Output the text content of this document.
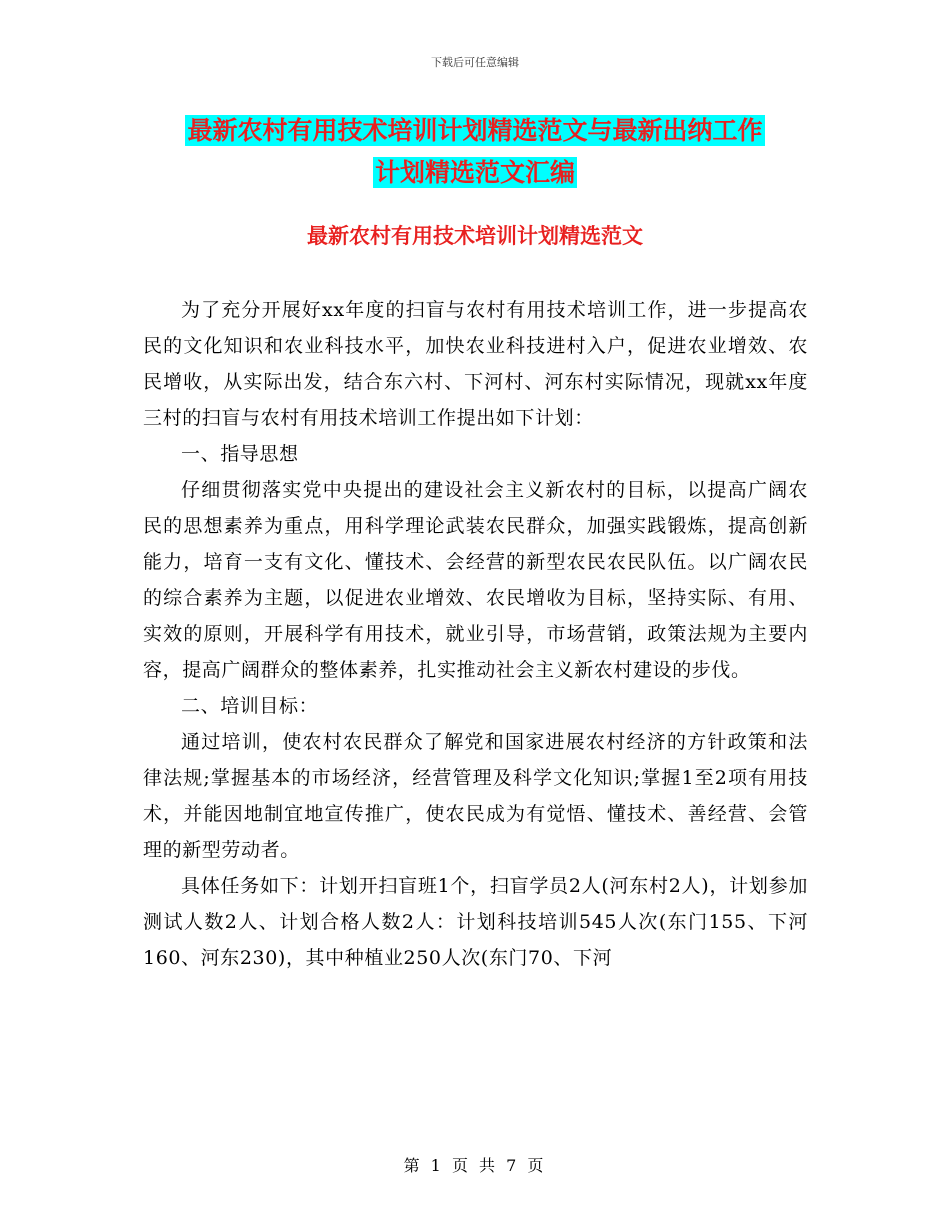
下载后可任意编辑
最新农村有用技术培训计划精选范文与最新出纳工作
计划精选范文汇编
最新农村有用技术培训计划精选范文

为了充分开展好xx年度的扫盲与农村有用技术培训工作，进一步提高农民的文化知识和农业科技水平，加快农业科技进村入户，促进农业增效、农民增收，从实际出发，结合东六村、下河村、河东村实际情况，现就xx年度三村的扫盲与农村有用技术培训工作提出如下计划：

一、指导思想

仔细贯彻落实党中央提出的建设社会主义新农村的目标，以提高广阔农民的思想素养为重点，用科学理论武装农民群众，加强实践锻炼，提高创新能力，培育一支有文化、懂技术、会经营的新型农民农民队伍。以广阔农民的综合素养为主题，以促进农业增效、农民增收为目标，坚持实际、有用、实效的原则，开展科学有用技术，就业引导，市场营销，政策法规为主要内容，提高广阔群众的整体素养，扎实推动社会主义新农村建设的步伐。

二、培训目标：

通过培训，使农村农民群众了解党和国家进展农村经济的方针政策和法律法规;掌握基本的市场经济，经营管理及科学文化知识;掌握1至2项有用技术，并能因地制宜地宣传推广，使农民成为有觉悟、懂技术、善经营、会管理的新型劳动者。

具体任务如下：计划开扫盲班1个，扫盲学员2人(河东村2人)，计划参加测试人数2人、计划合格人数2人：计划科技培训545人次(东门155、下河160、河东230)，其中种植业250人次(东门70、下河

第 1 页 共 7 页
